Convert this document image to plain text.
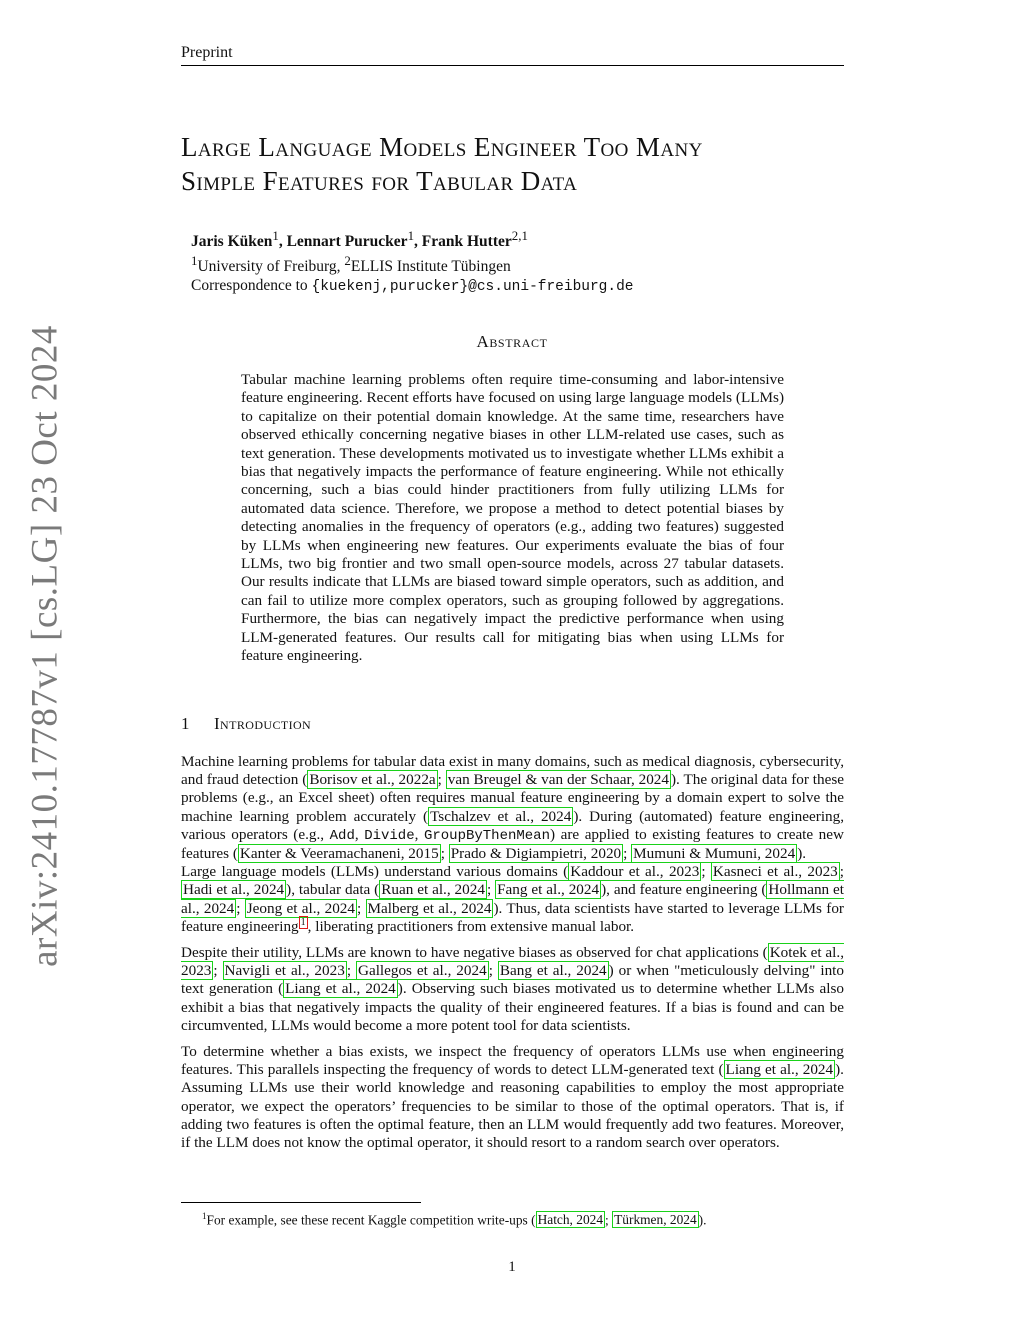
Preprint
arXiv:2410.17787v1 [cs.LG] 23 Oct 2024
Large Language Models Engineer Too Many
Simple Features for Tabular Data
Jaris Küken$^1$, Lennart Purucker$^1$, Frank Hutter$^{2,1}$
$^1$University of Freiburg, $^2$ELLIS Institute Tübingen
Correspondence to {kuekenj,purucker}@cs.uni-freiburg.de
Abstract
Tabular machine learning problems often require time-consuming and labor-intensive feature engineering. Recent efforts have focused on using large language models (LLMs) to capitalize on their potential domain knowledge. At the same time, researchers have observed ethically concerning negative biases in other LLM-related use cases, such as text generation. These developments motivated us to investigate whether LLMs exhibit a bias that negatively impacts the performance of feature engineering. While not ethically concerning, such a bias could hinder practitioners from fully utilizing LLMs for automated data science. Therefore, we propose a method to detect potential biases by detecting anomalies in the frequency of operators (e.g., adding two features) suggested by LLMs when engineering new features. Our experiments evaluate the bias of four LLMs, two big frontier and two small open-source models, across 27 tabular datasets. Our results indicate that LLMs are biased toward simple operators, such as addition, and can fail to utilize more complex operators, such as grouping followed by aggregations. Furthermore, the bias can negatively impact the predictive performance when using LLM-generated features. Our results call for mitigating bias when using LLMs for feature engineering.
1 Introduction

Machine learning problems for tabular data exist in many domains, such as medical diagnosis, cybersecurity, and fraud detection ( Borisov et al., 2022a ; van Breugel & van der Schaar, 2024 ). The original data for these problems (e.g., an Excel sheet) often requires manual feature engineering by a domain expert to solve the machine learning problem accurately ( Tschalzev et al., 2024 ). During (automated) feature engineering, various operators (e.g., Add, Divide, GroupByThenMean) are applied to existing features to create new features ( Kanter & Veeramachaneni, 2015 ; Prado & Digiampietri, 2020 ; Mumuni & Mumuni, 2024 ).

Large language models (LLMs) understand various domains ( Kaddour et al., 2023 ; Kasneci et al., 2023 ; Hadi et al., 2024 ), tabular data ( Ruan et al., 2024 ; Fang et al., 2024 ), and feature engineering ( Hollmann et al., 2024 ; Jeong et al., 2024 ; Malberg et al., 2024 ). Thus, data scientists have started to leverage LLMs for feature engineering $^1$ , liberating practitioners from extensive manual labor.

Despite their utility, LLMs are known to have negative biases as observed for chat applications ( Kotek et al., 2023 ; Navigli et al., 2023 ; Gallegos et al., 2024 ; Bang et al., 2024 ) or when "meticulously delving" into text generation ( Liang et al., 2024 ). Observing such biases motivated us to determine whether LLMs also exhibit a bias that negatively impacts the quality of their engineered features. If a bias is found and can be circumvented, LLMs would become a more potent tool for data scientists.

To determine whether a bias exists, we inspect the frequency of operators LLMs use when engineering features. This parallels inspecting the frequency of words to detect LLM-generated text ( Liang et al., 2024 ). Assuming LLMs use their world knowledge and reasoning capabilities to employ the most appropriate operator, we expect the operators’ frequencies to be similar to those of the optimal operators. That is, if adding two features is often the optimal feature, then an LLM would frequently add two features. Moreover, if the LLM does not know the optimal operator, it should resort to a random search over operators.

$^1$For example, see these recent Kaggle competition write-ups ( Hatch, 2024 ; Türkmen, 2024 ).
1
